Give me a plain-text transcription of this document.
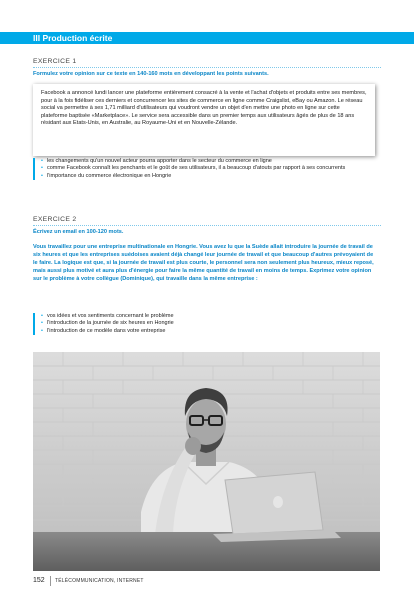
III Production écrite
EXERCICE 1
Formulez votre opinion sur ce texte en 140-160 mots en développant les points suivants.
Facebook a annoncé lundi lancer une plateforme entièrement consacré à la vente et l'achat d'objets et produits entre ses membres, pour à la fois fidéliser ces derniers et concurrencer les sites de commerce en ligne comme Craigslist, eBay ou Amazon. Le réseau social va permettre à ses 1,71 milliard d'utilisateurs qui voudront vendre un objet d'en mettre une photo en ligne sur cette plateforme baptisée «Marketplace». Le service sera accessible dans un premier temps aux utilisateurs âgés de plus de 18 ans résidant aux Etats-Unis, en Australie, au Royaume-Uni et en Nouvelle-Zélande.
• les changements qu'un nouvel acteur pourra apporter dans le secteur du commerce en ligne
• comme Facebook connaît les penchants et le goût de ses utilisateurs, il a beaucoup d'atouts par rapport à ses concurrents
• l'importance du commerce électronique en Hongrie
EXERCICE 2
Écrivez un email en 100-120 mots.
Vous travaillez pour une entreprise multinationale en Hongrie. Vous avez lu que la Suède allait introduire la journée de travail de six heures et que les entreprises suédoises avaient déjà changé leur journée de travail et que beaucoup d'autres prévoyaient de le faire. La logique est que, si la journée de travail est plus courte, le personnel sera non seulement plus heureux, mieux reposé, mais aussi plus motivé et aura plus d'énergie pour faire la même quantité de travail en moins de temps. Exprimez votre opinion sur le problème à votre collègue (Dominique), qui travaille dans la même entreprise :
• vos idées et vos sentiments concernant le problème
• l'introduction de la journée de six heures en Hongrie
• l'introduction de ce modèle dans votre entreprise
152 TÉLÉCOMMUNICATION, INTERNET
